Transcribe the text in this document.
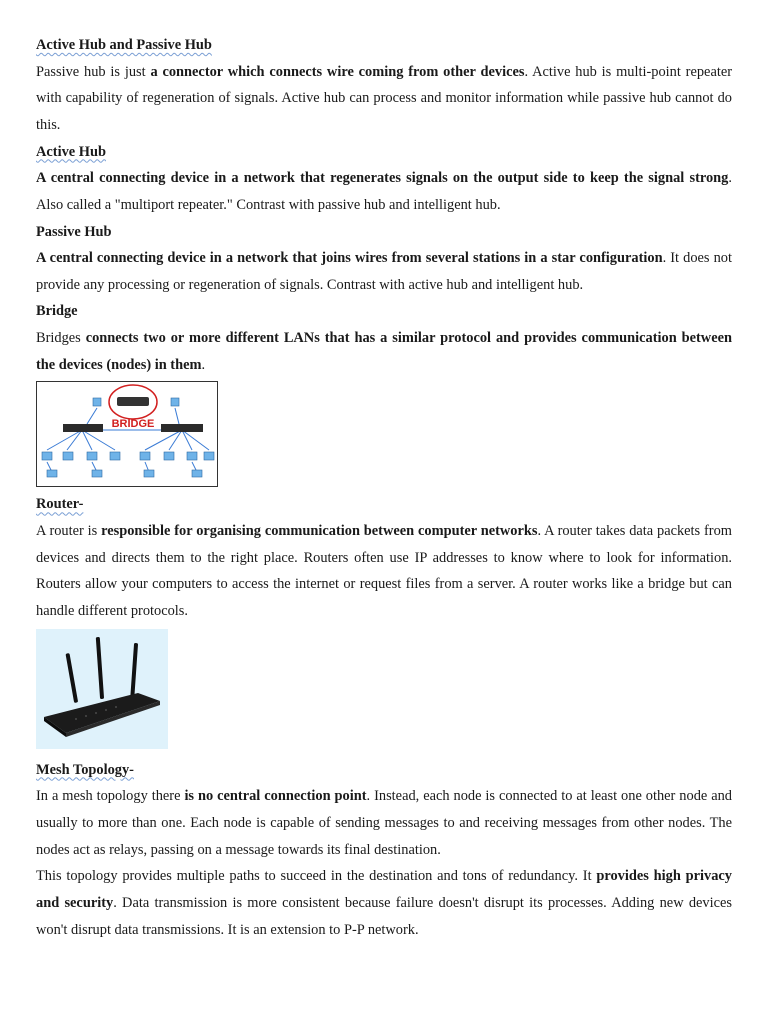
Active Hub and Passive Hub

Passive hub is just a connector which connects wire coming from other devices. Active hub is multi-point repeater with capability of regeneration of signals. Active hub can process and monitor information while passive hub cannot do this.

Active Hub

A central connecting device in a network that regenerates signals on the output side to keep the signal strong. Also called a "multiport repeater." Contrast with passive hub and intelligent hub.

Passive Hub

A central connecting device in a network that joins wires from several stations in a star configuration. It does not provide any processing or regeneration of signals. Contrast with active hub and intelligent hub.

Bridge

Bridges connects two or more different LANs that has a similar protocol and provides communication between the devices (nodes) in them.

BRIDGE
Router-

A router is responsible for organising communication between computer networks. A router takes data packets from devices and directs them to the right place. Routers often use IP addresses to know where to look for information. Routers allow your computers to access the internet or request files from a server. A router works like a bridge but can handle different protocols.

Mesh Topology-

In a mesh topology there is no central connection point. Instead, each node is connected to at least one other node and usually to more than one. Each node is capable of sending messages to and receiving messages from other nodes. The nodes act as relays, passing on a message towards its final destination.

This topology provides multiple paths to succeed in the destination and tons of redundancy. It provides high privacy and security. Data transmission is more consistent because failure doesn't disrupt its processes. Adding new devices won't disrupt data transmissions. It is an extension to P-P network.
